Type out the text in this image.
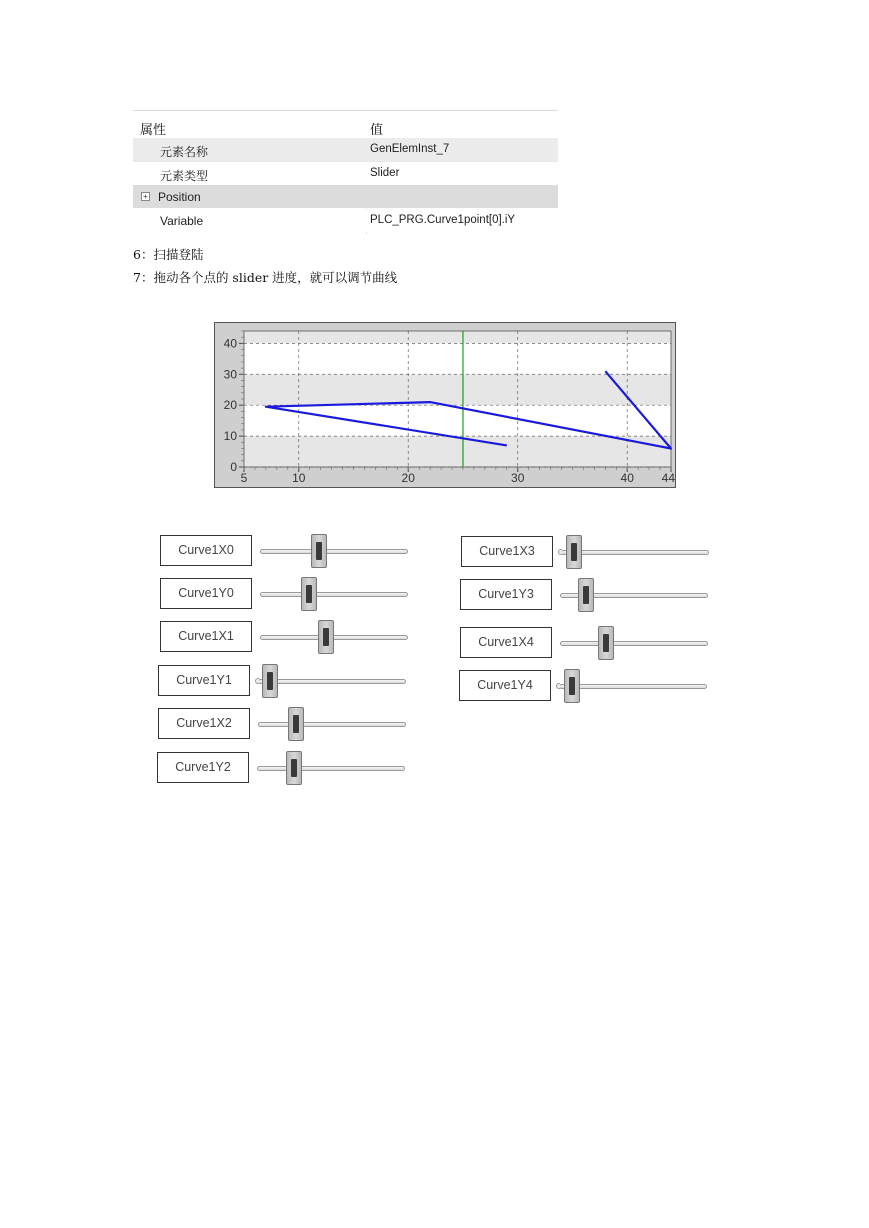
属性	值
元素名称	GenElemInst_7
元素类型	Slider
+ Position
Variable	PLC_PRG.Curve1point[0].iY
6：扫描登陆
7：拖动各个点的 slider 进度，就可以调节曲线
0
10
20
30
40
5	10	20	30	40 44
Curve1X0
Curve1Y0
Curve1X1
Curve1Y1
Curve1X2
Curve1Y2
Curve1X3
Curve1Y3
Curve1X4
Curve1Y4
